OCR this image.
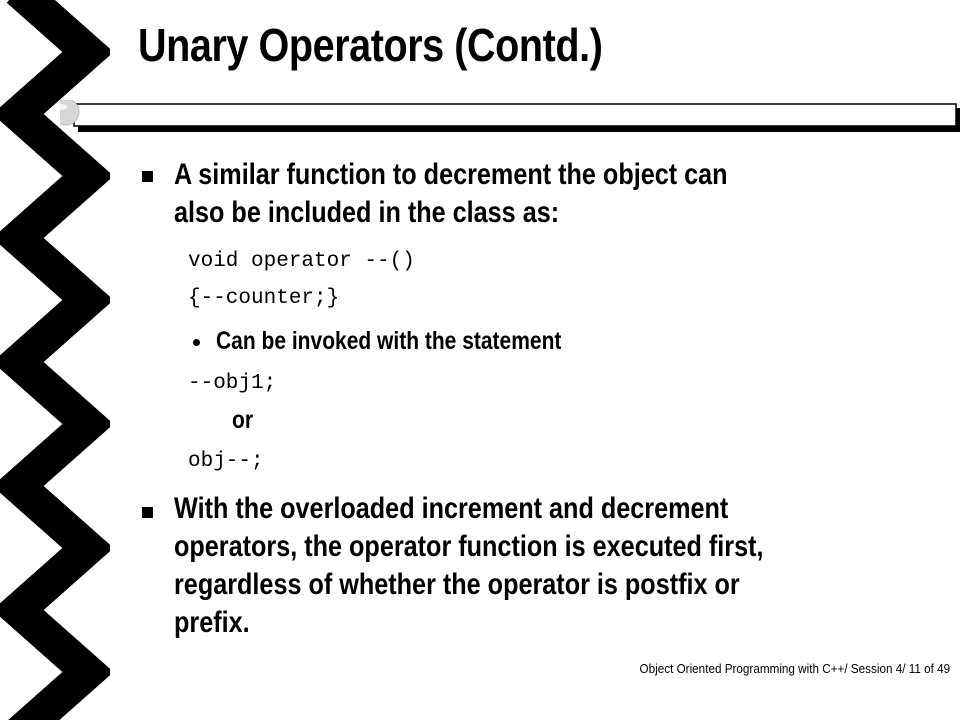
Unary Operators (Contd.)
A similar function to decrement the object can
also be included in the class as:
void operator --()
{--counter;}
Can be invoked with the statement
--obj1;
or
obj--;
With the overloaded increment and decrement
operators, the operator function is executed first,
regardless of whether the operator is postfix or
prefix.
Object Oriented Programming with C++/ Session 4/ 11 of 49
